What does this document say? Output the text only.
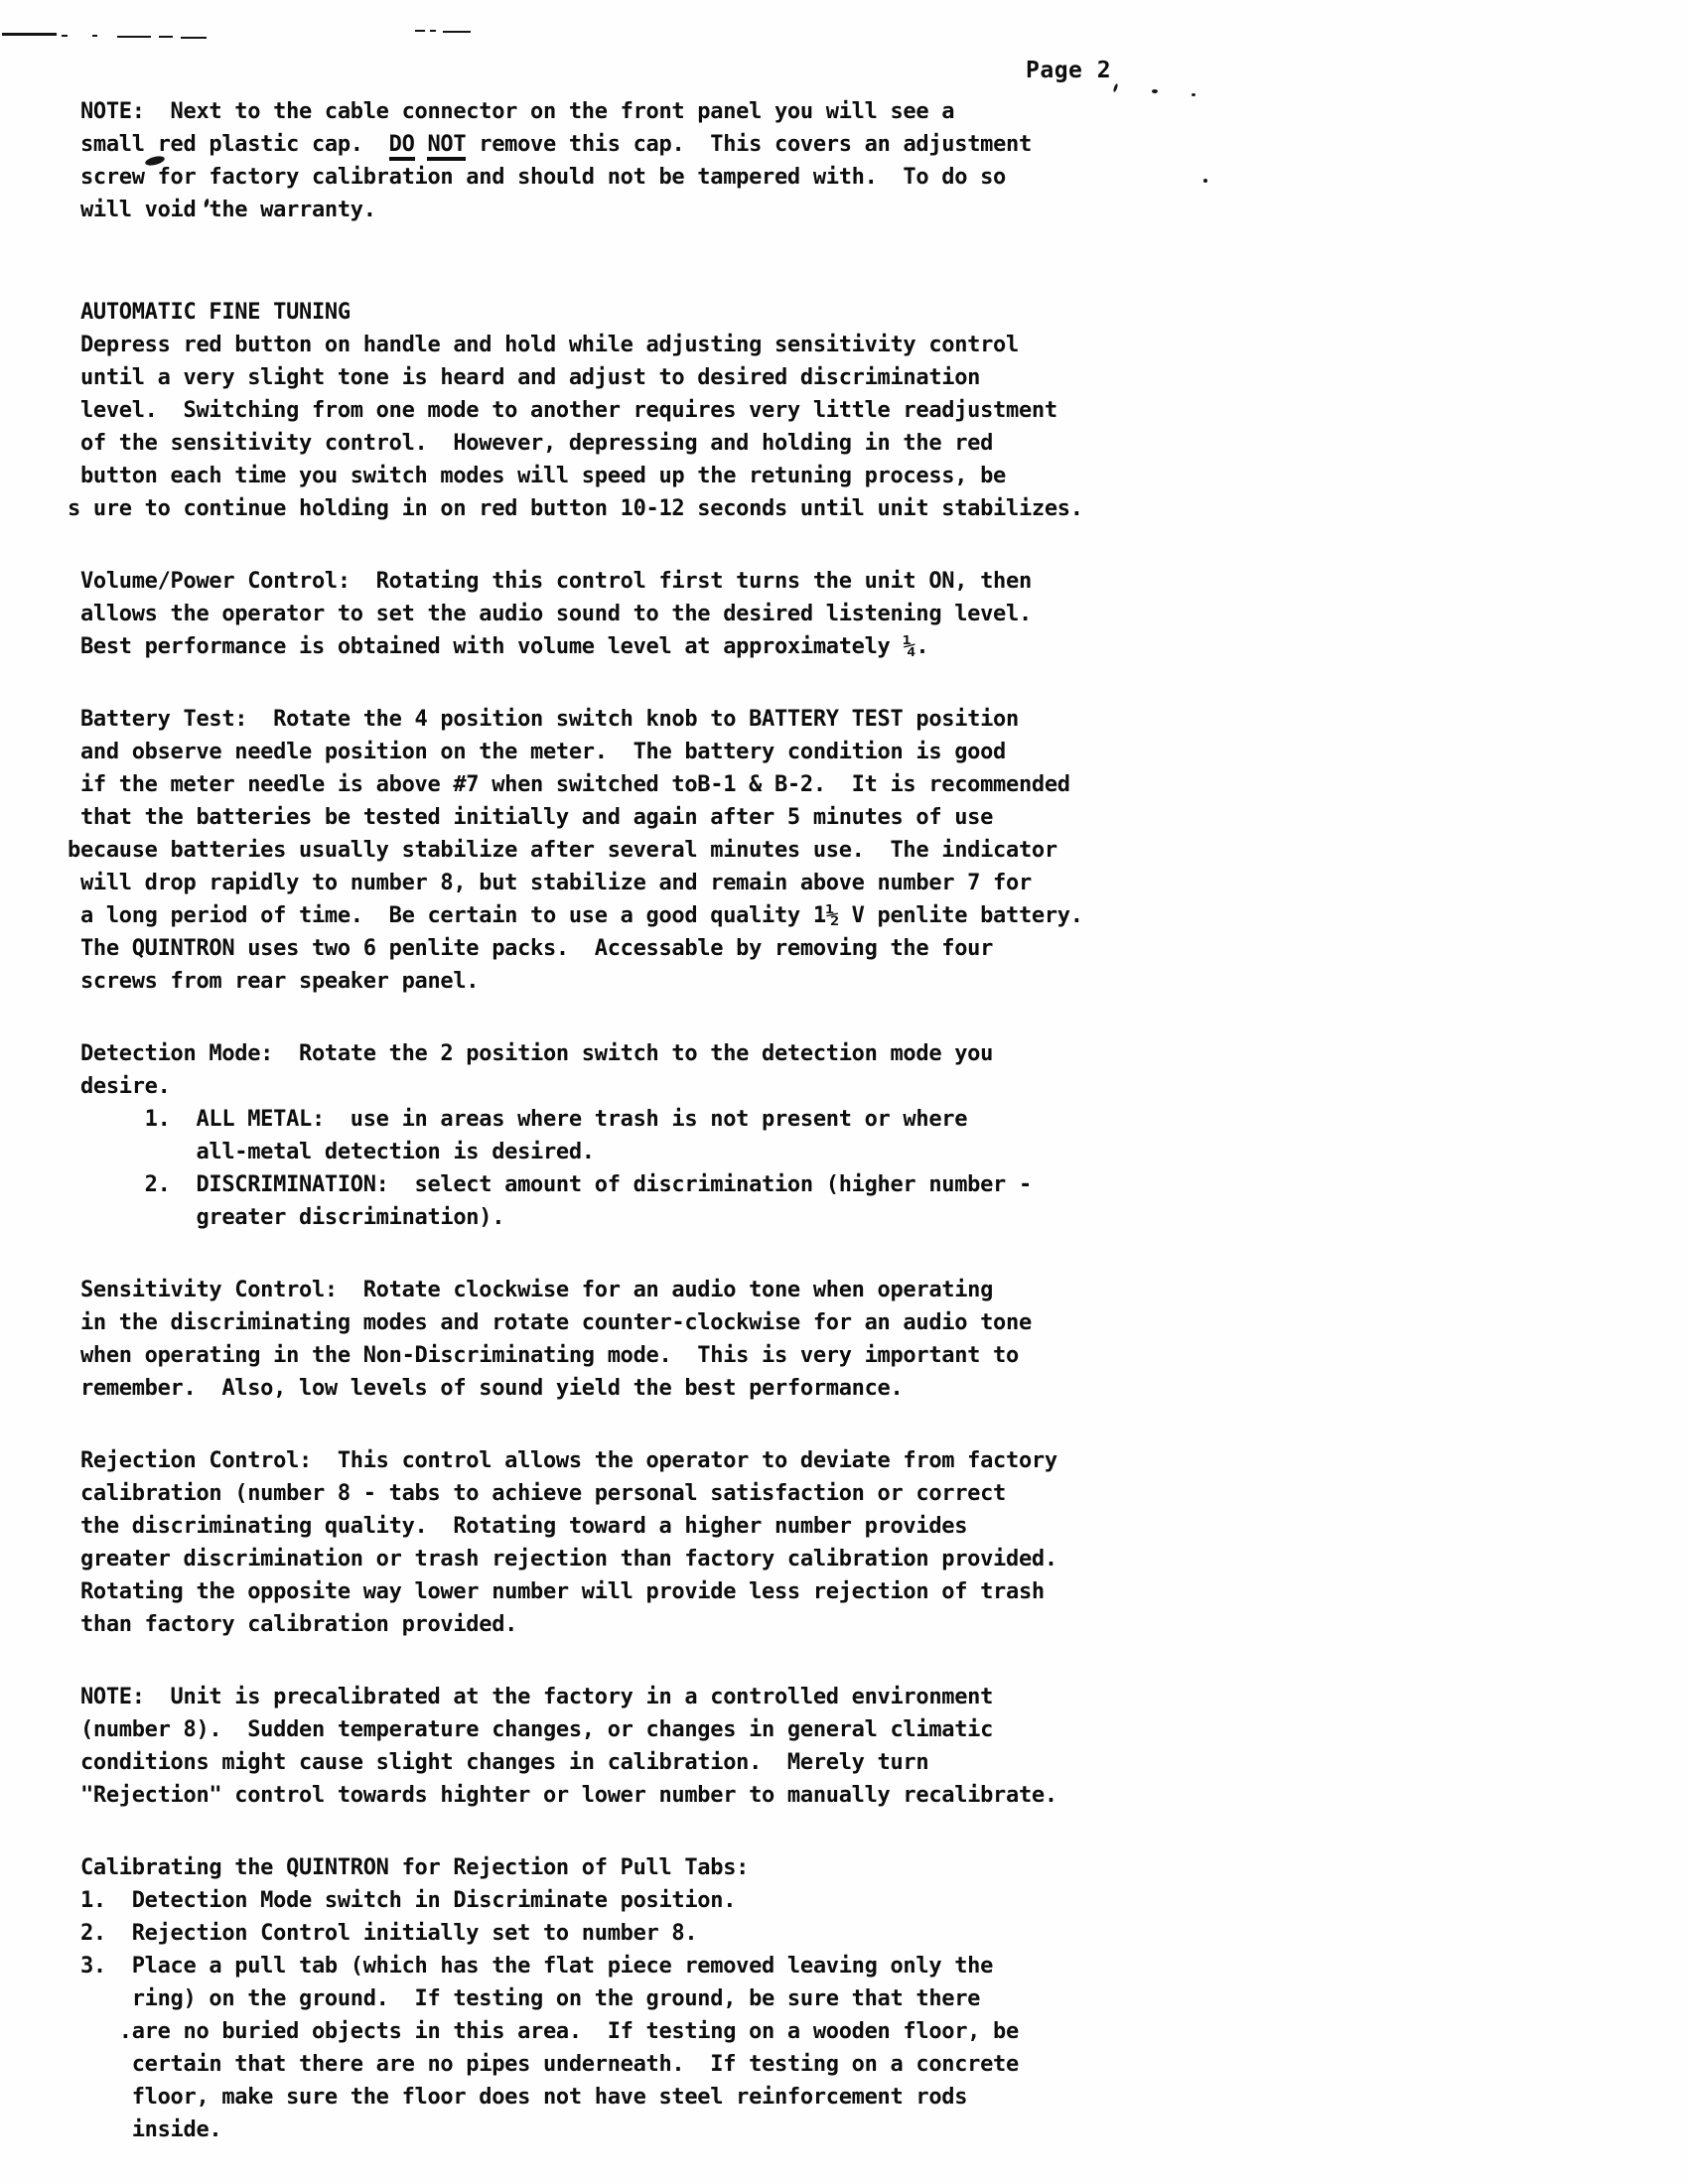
Page 2
NOTE:  Next to the cable connector on the front panel you will see a
small red plastic cap.  DO NOT remove this cap.  This covers an adjustment
screw for factory calibration and should not be tampered with.  To do so
will void the warranty.
AUTOMATIC FINE TUNING
Depress red button on handle and hold while adjusting sensitivity control
until a very slight tone is heard and adjust to desired discrimination
level.  Switching from one mode to another requires very little readjustment
of the sensitivity control.  However, depressing and holding in the red
button each time you switch modes will speed up the retuning process, be
s ure to continue holding in on red button 10-12 seconds until unit stabilizes.
Volume/Power Control:  Rotating this control first turns the unit ON, then
allows the operator to set the audio sound to the desired listening level.
Best performance is obtained with volume level at approximately ¼.
Battery Test:  Rotate the 4 position switch knob to BATTERY TEST position
and observe needle position on the meter.  The battery condition is good
if the meter needle is above #7 when switched toB-1 & B-2.  It is recommended
that the batteries be tested initially and again after 5 minutes of use
because batteries usually stabilize after several minutes use.  The indicator
will drop rapidly to number 8, but stabilize and remain above number 7 for
a long period of time.  Be certain to use a good quality 1½ V penlite battery.
The QUINTRON uses two 6 penlite packs.  Accessable by removing the four
screws from rear speaker panel.
Detection Mode:  Rotate the 2 position switch to the detection mode you
desire.
1.  ALL METAL:  use in areas where trash is not present or where
all-metal detection is desired.
2.  DISCRIMINATION:  select amount of discrimination (higher number -
greater discrimination).
Sensitivity Control:  Rotate clockwise for an audio tone when operating
in the discriminating modes and rotate counter-clockwise for an audio tone
when operating in the Non-Discriminating mode.  This is very important to
remember.  Also, low levels of sound yield the best performance.
Rejection Control:  This control allows the operator to deviate from factory
calibration (number 8 - tabs to achieve personal satisfaction or correct
the discriminating quality.  Rotating toward a higher number provides
greater discrimination or trash rejection than factory calibration provided.
Rotating the opposite way lower number will provide less rejection of trash
than factory calibration provided.
NOTE:  Unit is precalibrated at the factory in a controlled environment
(number 8).  Sudden temperature changes, or changes in general climatic
conditions might cause slight changes in calibration.  Merely turn
"Rejection" control towards highter or lower number to manually recalibrate.
Calibrating the QUINTRON for Rejection of Pull Tabs:
1.  Detection Mode switch in Discriminate position.
2.  Rejection Control initially set to number 8.
3.  Place a pull tab (which has the flat piece removed leaving only the
ring) on the ground.  If testing on the ground, be sure that there
.are no buried objects in this area.  If testing on a wooden floor, be
certain that there are no pipes underneath.  If testing on a concrete
floor, make sure the floor does not have steel reinforcement rods
inside.
